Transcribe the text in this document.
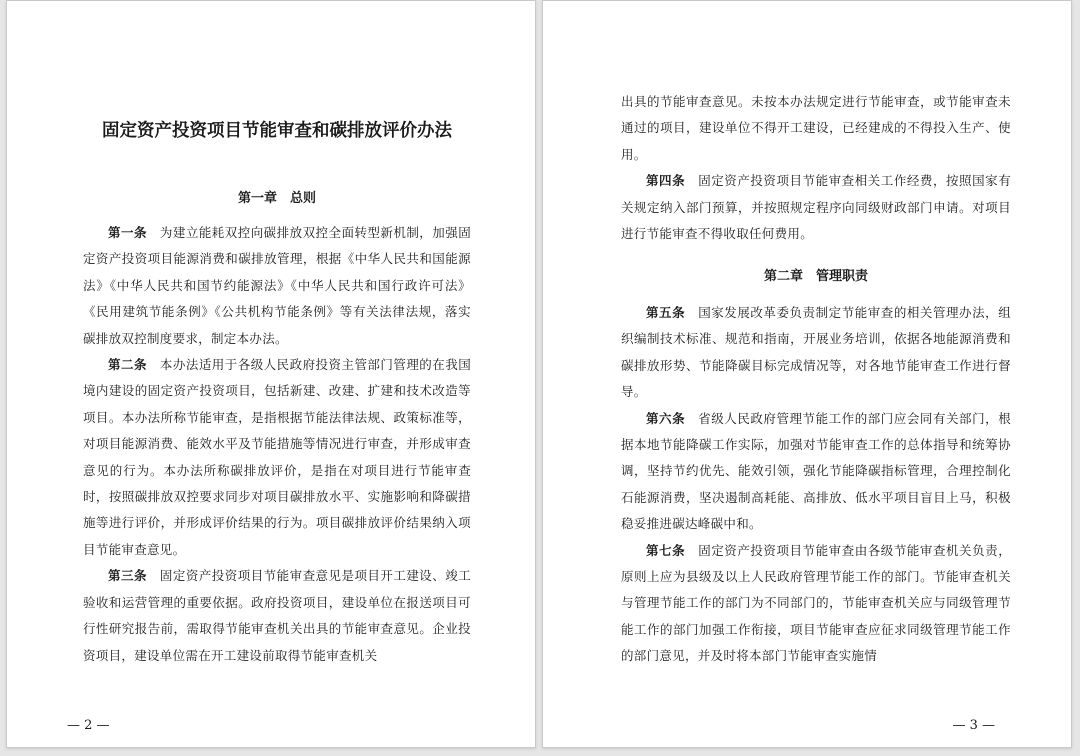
固定资产投资项目节能审查和碳排放评价办法

第一章　总则

第一条　 为建立能耗双控向碳排放双控全面转型新机制，加强固定资产投资项目能源消费和碳排放管理，根据《中华人民共和国能源法》《中华人民共和国节约能源法》《中华人民共和国行政许可法》《民用建筑节能条例》《公共机构节能条例》等有关法律法规，落实碳排放双控制度要求，制定本办法。

第二条　 本办法适用于各级人民政府投资主管部门管理的在我国境内建设的固定资产投资项目，包括新建、改建、扩建和技术改造等项目。本办法所称节能审查，是指根据节能法律法规、政策标准等，对项目能源消费、能效水平及节能措施等情况进行审查，并形成审查意见的行为。本办法所称碳排放评价，是指在对项目进行节能审查时，按照碳排放双控要求同步对项目碳排放水平、实施影响和降碳措施等进行评价，并形成评价结果的行为。项目碳排放评价结果纳入项目节能审查意见。

第三条　 固定资产投资项目节能审查意见是项目开工建设、竣工验收和运营管理的重要依据。政府投资项目，建设单位在报送项目可行性研究报告前，需取得节能审查机关出具的节能审查意见。企业投资项目，建设单位需在开工建设前取得节能审查机关

— 2 —

出具的节能审查意见。未按本办法规定进行节能审查，或节能审查未通过的项目，建设单位不得开工建设，已经建成的不得投入生产、使用。

第四条　 固定资产投资项目节能审查相关工作经费，按照国家有关规定纳入部门预算，并按照规定程序向同级财政部门申请。对项目进行节能审查不得收取任何费用。

第二章　管理职责

第五条　 国家发展改革委负责制定节能审查的相关管理办法，组织编制技术标准、规范和指南，开展业务培训，依据各地能源消费和碳排放形势、节能降碳目标完成情况等，对各地节能审查工作进行督导。

第六条　 省级人民政府管理节能工作的部门应会同有关部门，根据本地节能降碳工作实际，加强对节能审查工作的总体指导和统筹协调，坚持节约优先、能效引领，强化节能降碳指标管理，合理控制化石能源消费，坚决遏制高耗能、高排放、低水平项目盲目上马，积极稳妥推进碳达峰碳中和。

第七条　 固定资产投资项目节能审查由各级节能审查机关负责，原则上应为县级及以上人民政府管理节能工作的部门。节能审查机关与管理节能工作的部门为不同部门的，节能审查机关应与同级管理节能工作的部门加强工作衔接，项目节能审查应征求同级管理节能工作的部门意见，并及时将本部门节能审查实施情

— 3 —
